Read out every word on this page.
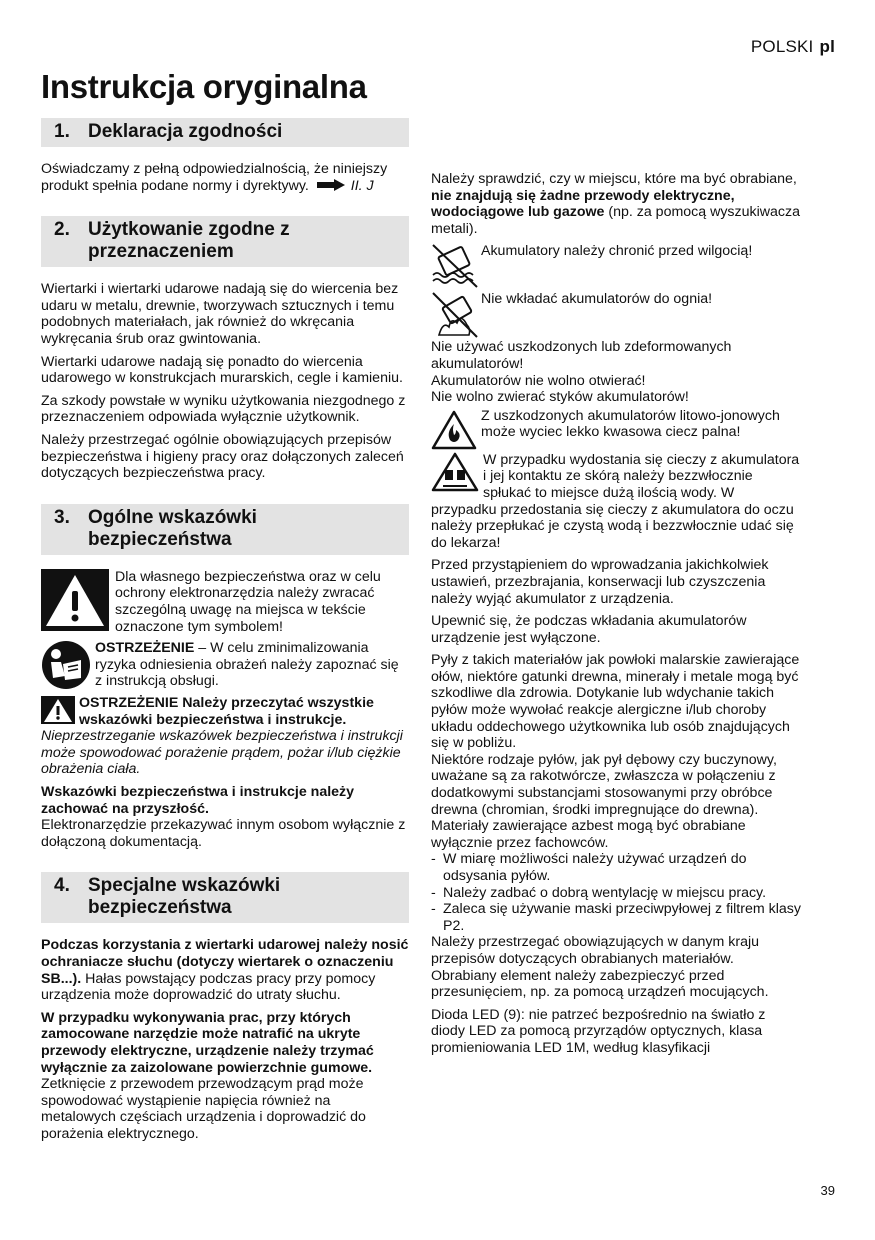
POLSKI pl
Instrukcja oryginalna
1. Deklaracja zgodności

Oświadczamy z pełną odpowiedzialnością, że niniejszy produkt spełnia podane normy i dyrektywy.	II. J

2. Użytkowanie zgodne z przeznaczeniem

Wiertarki i wiertarki udarowe nadają się do wiercenia bez udaru w metalu, drewnie, tworzywach sztucznych i temu podobnych materiałach, jak również do wkręcania wykręcania śrub oraz gwintowania.

Wiertarki udarowe nadają się ponadto do wiercenia udarowego w konstrukcjach murarskich, cegle i kamieniu.

Za szkody powstałe w wyniku użytkowania niezgodnego z przeznaczeniem odpowiada wyłącznie użytkownik.

Należy przestrzegać ogólnie obowiązujących przepisów bezpieczeństwa i higieny pracy oraz dołączonych zaleceń dotyczących bezpieczeństwa pracy.

3. Ogólne wskazówki bezpieczeństwa
Dla własnego bezpieczeństwa oraz w celu ochrony elektronarzędzia należy zwracać szczególną uwagę na miejsca w tekście oznaczone tym symbolem!
OSTRZEŻENIE – W celu zminimalizowania ryzyka odniesienia obrażeń należy zapoznać się z instrukcją obsługi.

OSTRZEŻENIE Należy przeczytać wszystkie wskazówki bezpieczeństwa i instrukcje. Nieprzestrzeganie wskazówek bezpieczeństwa i instrukcji może spowodować porażenie prądem, pożar i/lub ciężkie obrażenia ciała.

Wskazówki bezpieczeństwa i instrukcje należy zachować na przyszłość.
Elektronarzędzie przekazywać innym osobom wyłącznie z dołączoną dokumentacją.

4. Specjalne wskazówki bezpieczeństwa

Podczas korzystania z wiertarki udarowej należy nosić ochraniacze słuchu (dotyczy wiertarek o oznaczeniu SB...). Hałas powstający podczas pracy przy pomocy urządzenia może doprowadzić do utraty słuchu.

W przypadku wykonywania prac, przy których zamocowane narzędzie może natrafić na ukryte przewody elektryczne, urządzenie należy trzymać wyłącznie za zaizolowane powierzchnie gumowe. Zetknięcie z przewodem przewodzącym prąd może spowodować wystąpienie napięcia również na metalowych częściach urządzenia i doprowadzić do porażenia elektrycznego.

Należy sprawdzić, czy w miejscu, które ma być obrabiane, nie znajdują się żadne przewody elektryczne, wodociągowe lub gazowe (np. za pomocą wyszukiwacza metali).

Akumulatory należy chronić przed wilgocią!
Nie wkładać akumulatorów do ognia!

Nie używać uszkodzonych lub zdeformowanych akumulatorów!
Akumulatorów nie wolno otwierać!
Nie wolno zwierać styków akumulatorów!

Z uszkodzonych akumulatorów litowo-jonowych może wyciec lekko kwasowa ciecz palna!

W przypadku wydostania się cieczy z akumulatora i jej kontaktu ze skórą należy bezzwłocznie spłukać to miejsce dużą ilością wody. W przypadku przedostania się cieczy z akumulatora do oczu należy przepłukać je czystą wodą i bezzwłocznie udać się do lekarza!

Przed przystąpieniem do wprowadzania jakichkolwiek ustawień, przezbrajania, konserwacji lub czyszczenia należy wyjąć akumulator z urządzenia.

Upewnić się, że podczas wkładania akumulatorów urządzenie jest wyłączone.

Pyły z takich materiałów jak powłoki malarskie zawierające ołów, niektóre gatunki drewna, minerały i metale mogą być szkodliwe dla zdrowia. Dotykanie lub wdychanie takich pyłów może wywołać reakcje alergiczne i/lub choroby układu oddechowego użytkownika lub osób znajdujących się w pobliżu.
Niektóre rodzaje pyłów, jak pył dębowy czy buczynowy, uważane są za rakotwórcze, zwłaszcza w połączeniu z dodatkowymi substancjami stosowanymi przy obróbce drewna (chromian, środki impregnujące do drewna).
Materiały zawierające azbest mogą być obrabiane wyłącznie przez fachowców.

- W miarę możliwości należy używać urządzeń do odsysania pyłów.
- Należy zadbać o dobrą wentylację w miejscu pracy.
- Zaleca się używanie maski przeciwpyłowej z filtrem klasy P2.

Należy przestrzegać obowiązujących w danym kraju przepisów dotyczących obrabianych materiałów.
Obrabiany element należy zabezpieczyć przed przesunięciem, np. za pomocą urządzeń mocujących.

Dioda LED (9): nie patrzeć bezpośrednio na światło z diody LED za pomocą przyrządów optycznych, klasa promieniowania LED 1M, według klasyfikacji

39
